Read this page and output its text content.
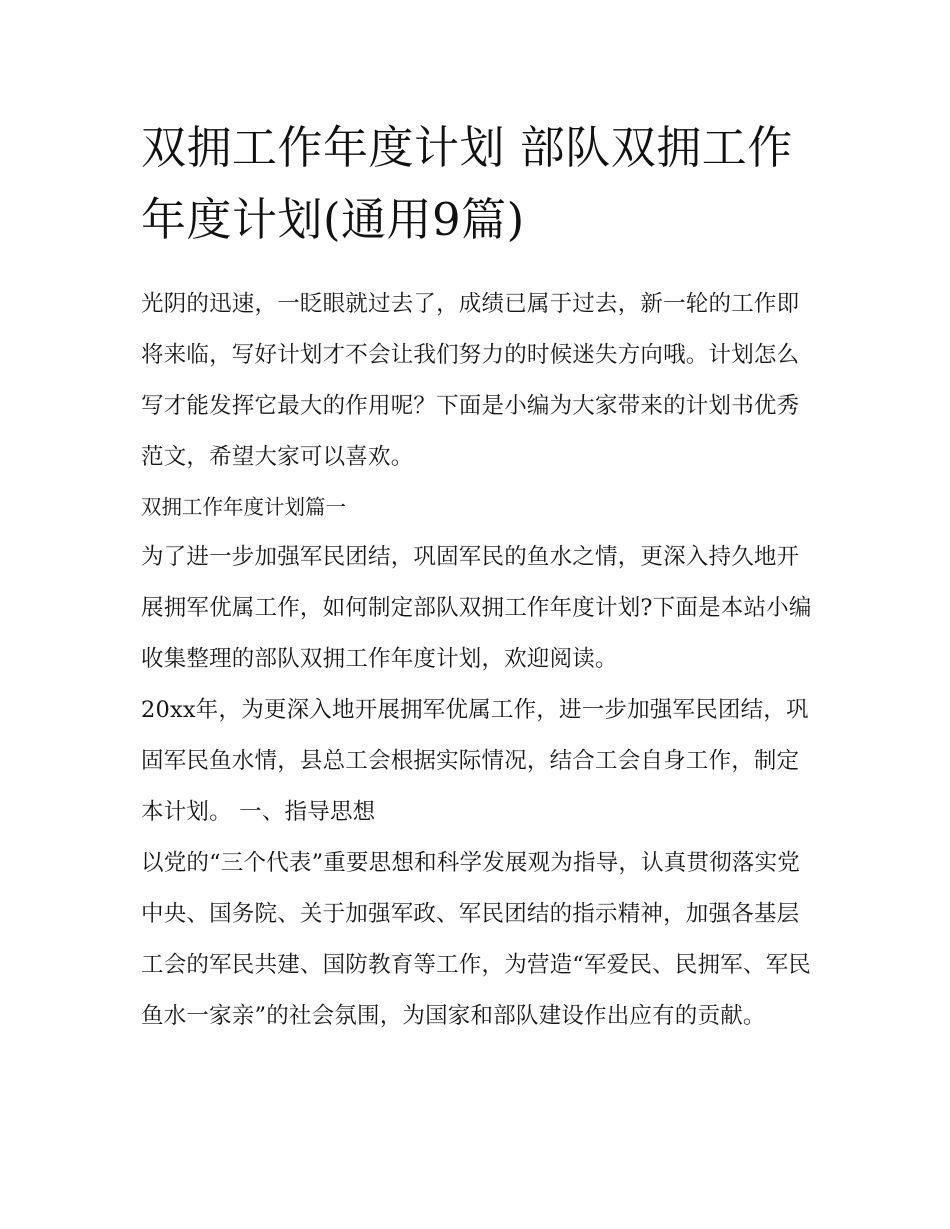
双拥工作年度计划 部队双拥工作年度计划(通用9篇)

光阴的迅速，一眨眼就过去了，成绩已属于过去，新一轮的工作即将来临，写好计划才不会让我们努力的时候迷失方向哦。计划怎么写才能发挥它最大的作用呢？下面是小编为大家带来的计划书优秀范文，希望大家可以喜欢。

双拥工作年度计划篇一

为了进一步加强军民团结，巩固军民的鱼水之情，更深入持久地开展拥军优属工作，如何制定部队双拥工作年度计划?下面是本站小编收集整理的部队双拥工作年度计划，欢迎阅读。

20xx年，为更深入地开展拥军优属工作，进一步加强军民团结，巩固军民鱼水情，县总工会根据实际情况，结合工会自身工作，制定本计划。 一、指导思想

以党的“三个代表”重要思想和科学发展观为指导，认真贯彻落实党中央、国务院、关于加强军政、军民团结的指示精神，加强各基层工会的军民共建、国防教育等工作，为营造“军爱民、民拥军、军民鱼水一家亲”的社会氛围，为国家和部队建设作出应有的贡献。
